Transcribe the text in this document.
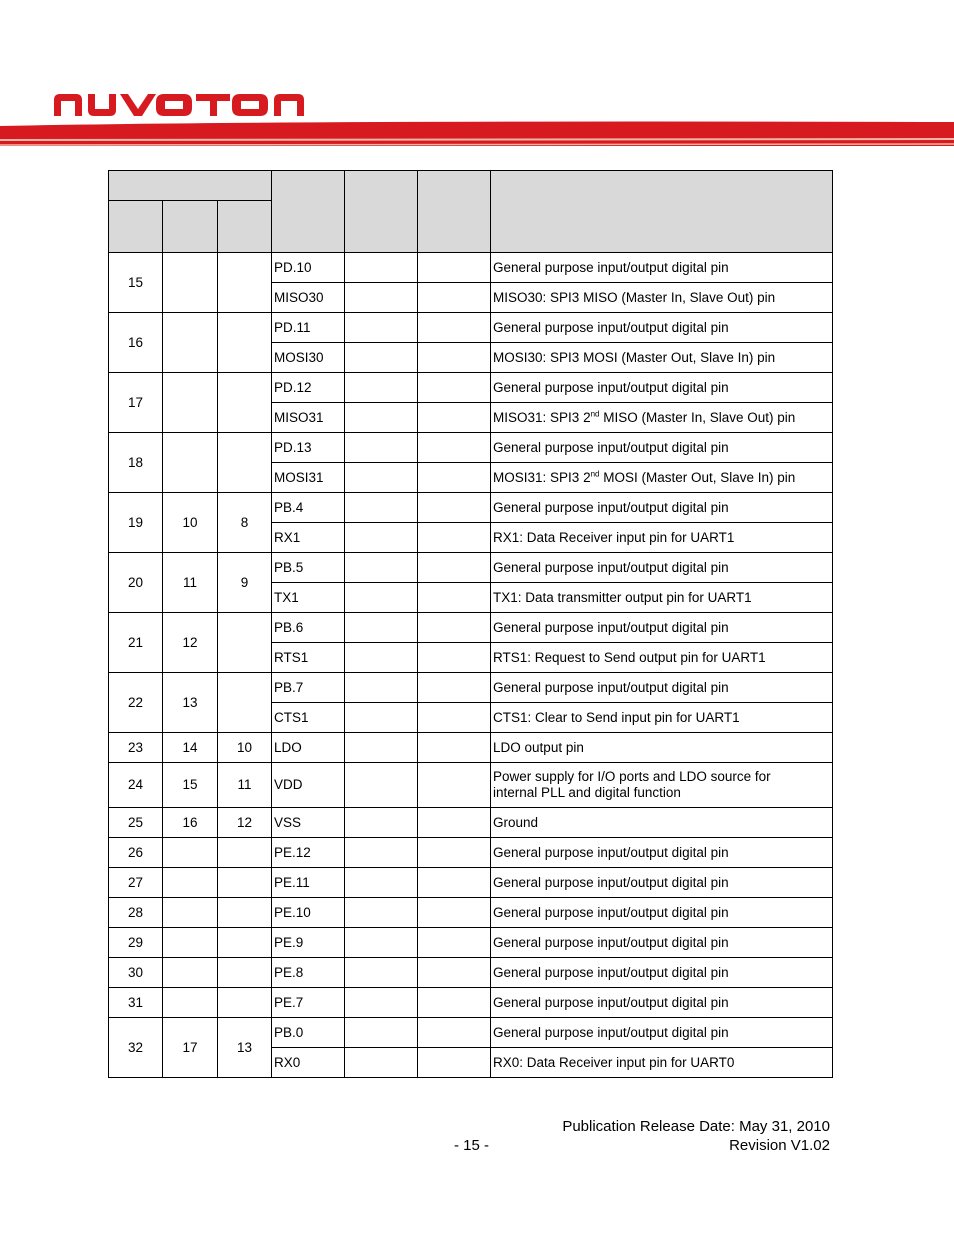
15			PD.10			General purpose input/output digital pin
			MISO30			MISO30: SPI3 MISO (Master In, Slave Out) pin
16			PD.11			General purpose input/output digital pin
			MOSI30			MOSI30: SPI3 MOSI (Master Out, Slave In) pin
17			PD.12			General purpose input/output digital pin
			MISO31			MISO31: SPI3 2nd MISO (Master In, Slave Out) pin
18			PD.13			General purpose input/output digital pin
			MOSI31			MOSI31: SPI3 2nd MOSI (Master Out, Slave In) pin
19	10	8	PB.4			General purpose input/output digital pin
			RX1			RX1: Data Receiver input pin for UART1
20	11	9	PB.5			General purpose input/output digital pin
			TX1			TX1: Data transmitter output pin for UART1
21	12		PB.6			General purpose input/output digital pin
			RTS1			RTS1: Request to Send output pin for UART1
22	13		PB.7			General purpose input/output digital pin
			CTS1			CTS1: Clear to Send input pin for UART1
23	14	10	LDO			LDO output pin
24	15	11	VDD			Power supply for I/O ports and LDO source for
internal PLL and digital function
25	16	12	VSS			Ground
26			PE.12			General purpose input/output digital pin
27			PE.11			General purpose input/output digital pin
28			PE.10			General purpose input/output digital pin
29			PE.9			General purpose input/output digital pin
30			PE.8			General purpose input/output digital pin
31			PE.7			General purpose input/output digital pin
32	17	13	PB.0			General purpose input/output digital pin
			RX0			RX0: Data Receiver input pin for UART0
Publication Release Date: May 31, 2010
- 15 -	Revision V1.02
